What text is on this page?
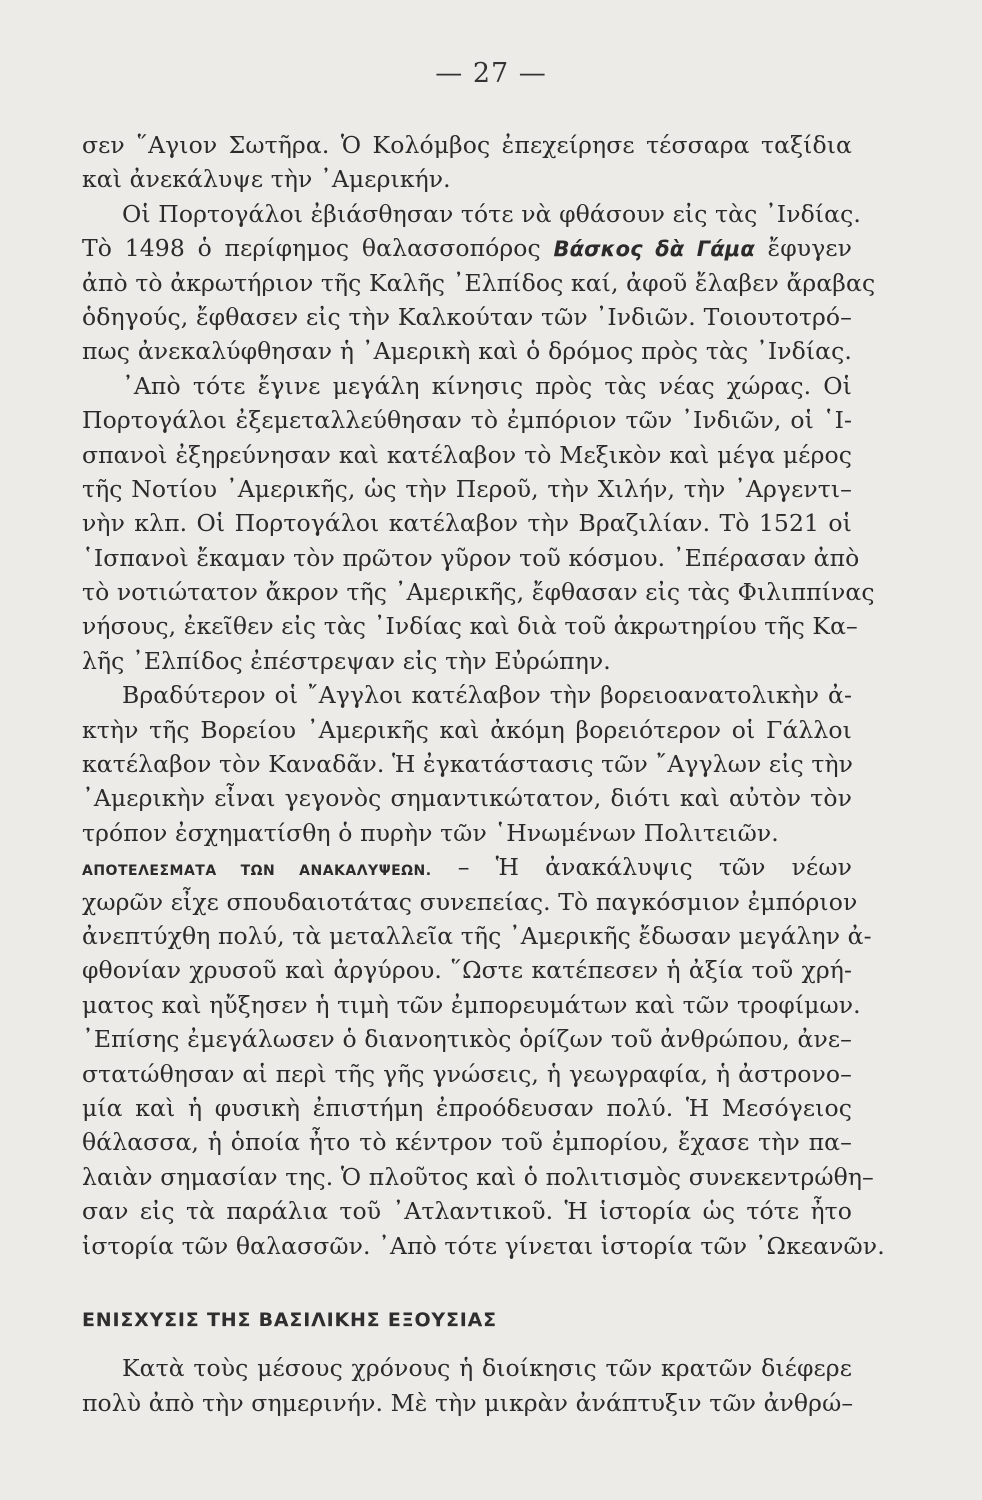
— 27 —
σεν ῞Αγιον Σωτῆρα. Ὁ Κολόμβος ἐπεχείρησε τέσσαρα ταξίδια
καὶ ἀνεκάλυψε τὴν ᾿Αμερικήν.
Οἱ Πορτογάλοι ἐβιάσθησαν τότε νὰ φθάσουν εἰς τὰς ᾿Ινδίας.
Τὸ 1498 ὁ περίφημος θαλασσοπόρος Βάσκος δὰ Γάμα ἔφυγεν
ἀπὸ τὸ ἀκρωτήριον τῆς Καλῆς ᾿Ελπίδος καί, ἀφοῦ ἔλαβεν ἄραβας
ὁδηγούς, ἔφθασεν εἰς τὴν Καλκούταν τῶν ᾿Ινδιῶν. Τοιουτοτρό–
πως ἀνεκαλύφθησαν ἡ ᾿Αμερικὴ καὶ ὁ δρόμος πρὸς τὰς ᾿Ινδίας.
᾿Απὸ τότε ἔγινε μεγάλη κίνησις πρὸς τὰς νέας χώρας. Οἱ
Πορτογάλοι ἐξεμεταλλεύθησαν τὸ ἐμπόριον τῶν ᾿Ινδιῶν, οἱ ῾Ι-
σπανοὶ ἐξηρεύνησαν καὶ κατέλαβον τὸ Μεξικὸν καὶ μέγα μέρος
τῆς Νοτίου ᾿Αμερικῆς, ὡς τὴν Περοῦ, τὴν Χιλήν, τὴν ᾿Αργεντι–
νὴν κλπ. Οἱ Πορτογάλοι κατέλαβον τὴν Βραζιλίαν. Τὸ 1521 οἱ
῾Ισπανοὶ ἔκαμαν τὸν πρῶτον γῦρον τοῦ κόσμου. ᾿Επέρασαν ἀπὸ
τὸ νοτιώτατον ἄκρον τῆς ᾿Αμερικῆς, ἔφθασαν εἰς τὰς Φιλιππίνας
νήσους, ἐκεῖθεν εἰς τὰς ᾿Ινδίας καὶ διὰ τοῦ ἀκρωτηρίου τῆς Κα–
λῆς ᾿Ελπίδος ἐπέστρεψαν εἰς τὴν Εὐρώπην.
Βραδύτερον οἱ ῎Αγγλοι κατέλαβον τὴν βορειοανατολικὴν ἀ-
κτὴν τῆς Βορείου ᾿Αμερικῆς καὶ ἀκόμη βορειότερον οἱ Γάλλοι
κατέλαβον τὸν Καναδᾶν. Ἡ ἐγκατάστασις τῶν ῎Αγγλων εἰς τὴν
᾿Αμερικὴν εἶναι γεγονὸς σημαντικώτατον, διότι καὶ αὐτὸν τὸν
τρόπον ἐσχηματίσθη ὁ πυρὴν τῶν ῾Ηνωμένων Πολιτειῶν.
ΑΠΟΤΕΛΕΣΜΑΤΑ ΤΩΝ ΑΝΑΚΑΛΥΨΕΩΝ. – Ἡ ἀνακάλυψις τῶν νέων
χωρῶν εἶχε σπουδαιοτάτας συνεπείας. Τὸ παγκόσμιον ἐμπόριον
ἀνεπτύχθη πολύ, τὰ μεταλλεῖα τῆς ᾿Αμερικῆς ἔδωσαν μεγάλην ἀ-
φθονίαν χρυσοῦ καὶ ἀργύρου. ῞Ωστε κατέπεσεν ἡ ἀξία τοῦ χρή-
ματος καὶ ηὔξησεν ἡ τιμὴ τῶν ἐμπορευμάτων καὶ τῶν τροφίμων.
᾿Επίσης ἐμεγάλωσεν ὁ διανοητικὸς ὁρίζων τοῦ ἀνθρώπου, ἀνε–
στατώθησαν αἱ περὶ τῆς γῆς γνώσεις, ἡ γεωγραφία, ἡ ἀστρονο–
μία καὶ ἡ φυσικὴ ἐπιστήμη ἐπροόδευσαν πολύ. Ἡ Μεσόγειος
θάλασσα, ἡ ὁποία ἦτο τὸ κέντρον τοῦ ἐμπορίου, ἔχασε τὴν πα–
λαιὰν σημασίαν της. Ὁ πλοῦτος καὶ ὁ πολιτισμὸς συνεκεντρώθη–
σαν εἰς τὰ παράλια τοῦ ᾿Ατλαντικοῦ. Ἡ ἱστορία ὡς τότε ἦτο
ἱστορία τῶν θαλασσῶν. ᾿Απὸ τότε γίνεται ἱστορία τῶν ᾿Ωκεανῶν.
ΕΝΙΣΧΥΣΙΣ ΤΗΣ ΒΑΣΙΛΙΚΗΣ ΕΞΟΥΣΙΑΣ
Κατὰ τοὺς μέσους χρόνους ἡ διοίκησις τῶν κρατῶν διέφερε
πολὺ ἀπὸ τὴν σημερινήν. Μὲ τὴν μικρὰν ἀνάπτυξιν τῶν ἀνθρώ–
